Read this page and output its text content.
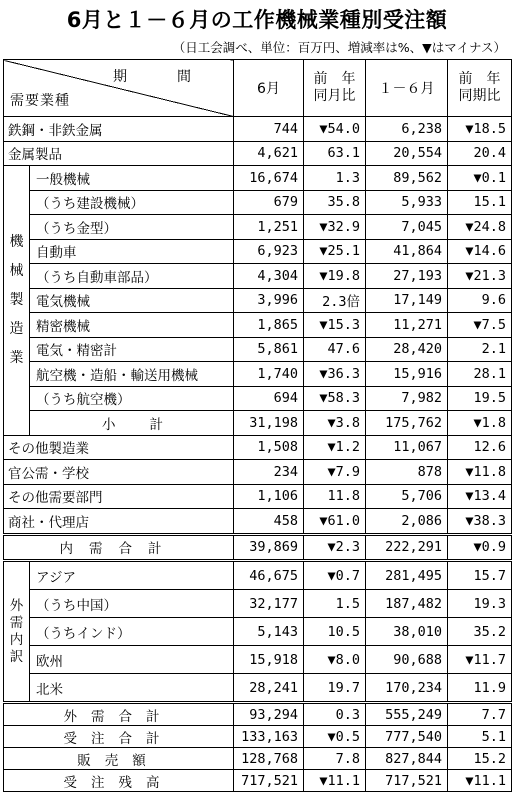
6月と１－６月の工作機械業種別受注額
（日工会調べ、単位：百万円、増減率は%、▼はマイナス）
期　間
需要業種		6月	前　年
同月比	１－６月	前　年
同期比
鉄鋼・非鉄金属		744	▼54.0	6,238	▼18.5
金属製品		4,621	63.1	20,554	20.4
機
械
製
造
業	一般機械	16,674	1.3	89,562	▼0.1
	（うち建設機械）	679	35.8	5,933	15.1
	（うち金型）	1,251	▼32.9	7,045	▼24.8
	自動車	6,923	▼25.1	41,864	▼14.6
	（うち自動車部品）	4,304	▼19.8	27,193	▼21.3
	電気機械	3,996	2.3倍	17,149	9.6
	精密機械	1,865	▼15.3	11,271	▼7.5
	電気・精密計	5,861	47.6	28,420	2.1
	航空機・造船・輸送用機械	1,740	▼36.3	15,916	28.1
	（うち航空機）	694	▼58.3	7,982	19.5
	小計	31,198	▼3.8	175,762	▼1.8
その他製造業		1,508	▼1.2	11,067	12.6
官公需・学校		234	▼7.9	878	▼11.8
その他需要部門		1,106	11.8	5,706	▼13.4
商社・代理店		458	▼61.0	2,086	▼38.3
内需合計		39,869	▼2.3	222,291	▼0.9
外
需
内
訳	アジア	46,675	▼0.7	281,495	15.7
	（うち中国）	32,177	1.5	187,482	19.3
	（うちインド）	5,143	10.5	38,010	35.2
	欧州	15,918	▼8.0	90,688	▼11.7
	北米	28,241	19.7	170,234	11.9
外需合計		93,294	0.3	555,249	7.7
受注合計		133,163	▼0.5	777,540	5.1
販売額		128,768	7.8	827,844	15.2
受注残高		717,521	▼11.1	717,521	▼11.1
